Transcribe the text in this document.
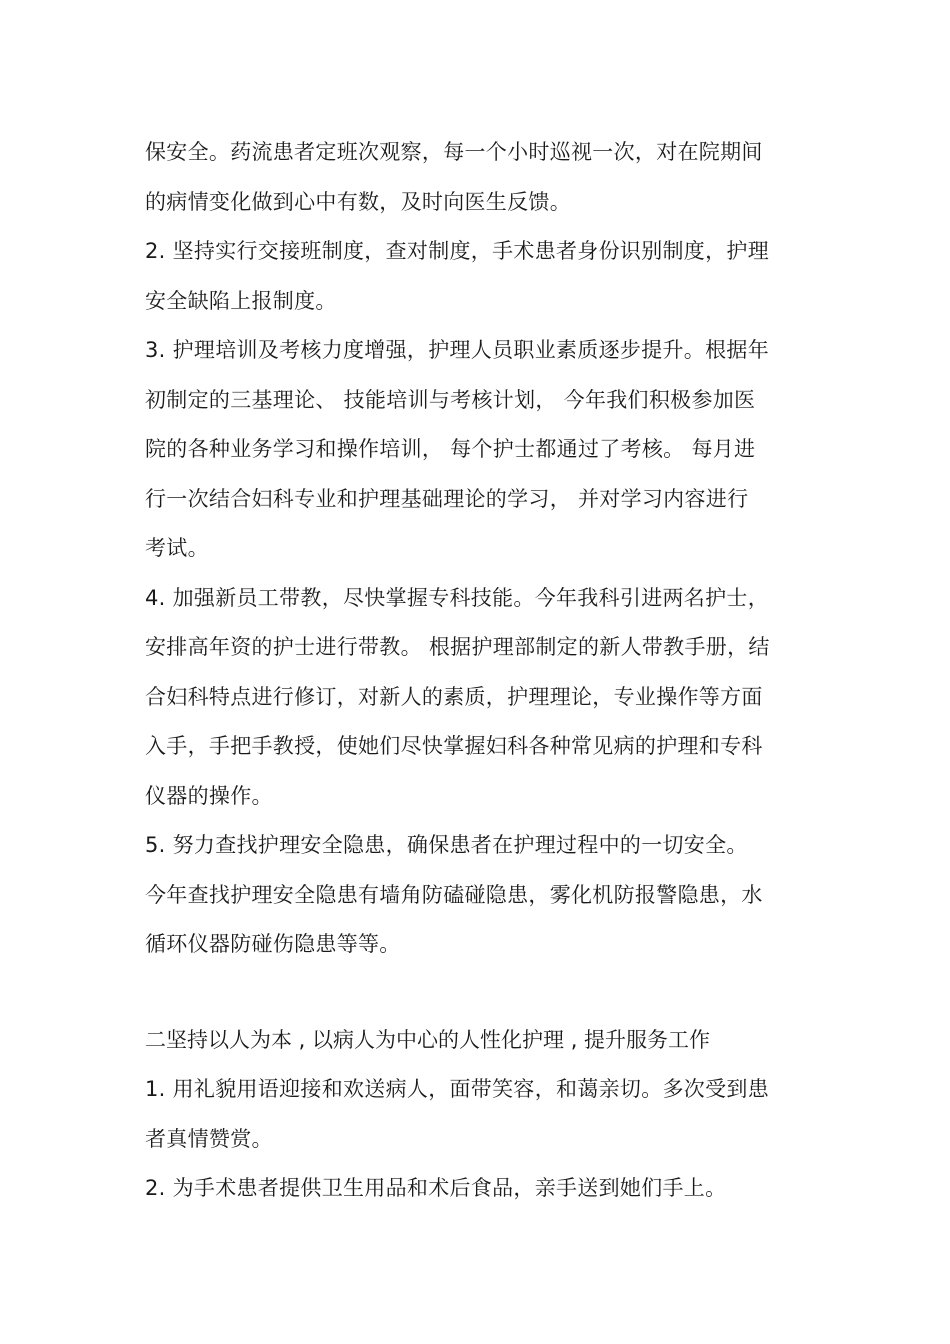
保安全。药流患者定班次观察，每一个小时巡视一次，对在院期间
的病情变化做到心中有数，及时向医生反馈。
2. 坚持实行交接班制度，查对制度，手术患者身份识别制度，护理
安全缺陷上报制度。
3. 护理培训及考核力度增强，护理人员职业素质逐步提升。根据年
初制定的三基理论、 技能培训与考核计划， 今年我们积极参加医
院的各种业务学习和操作培训， 每个护士都通过了考核。 每月进
行一次结合妇科专业和护理基础理论的学习， 并对学习内容进行
考试。
4. 加强新员工带教，尽快掌握专科技能。今年我科引进两名护士，
安排高年资的护士进行带教。 根据护理部制定的新人带教手册，结
合妇科特点进行修订，对新人的素质，护理理论，专业操作等方面
入手，手把手教授，使她们尽快掌握妇科各种常见病的护理和专科
仪器的操作。
5. 努力查找护理安全隐患，确保患者在护理过程中的一切安全。
今年查找护理安全隐患有墙角防磕碰隐患，雾化机防报警隐患，水
循环仪器防碰伤隐患等等。
二坚持以人为本 , 以病人为中心的人性化护理 , 提升服务工作
1. 用礼貌用语迎接和欢送病人，面带笑容，和蔼亲切。多次受到患
者真情赞赏。
2. 为手术患者提供卫生用品和术后食品，亲手送到她们手上。
